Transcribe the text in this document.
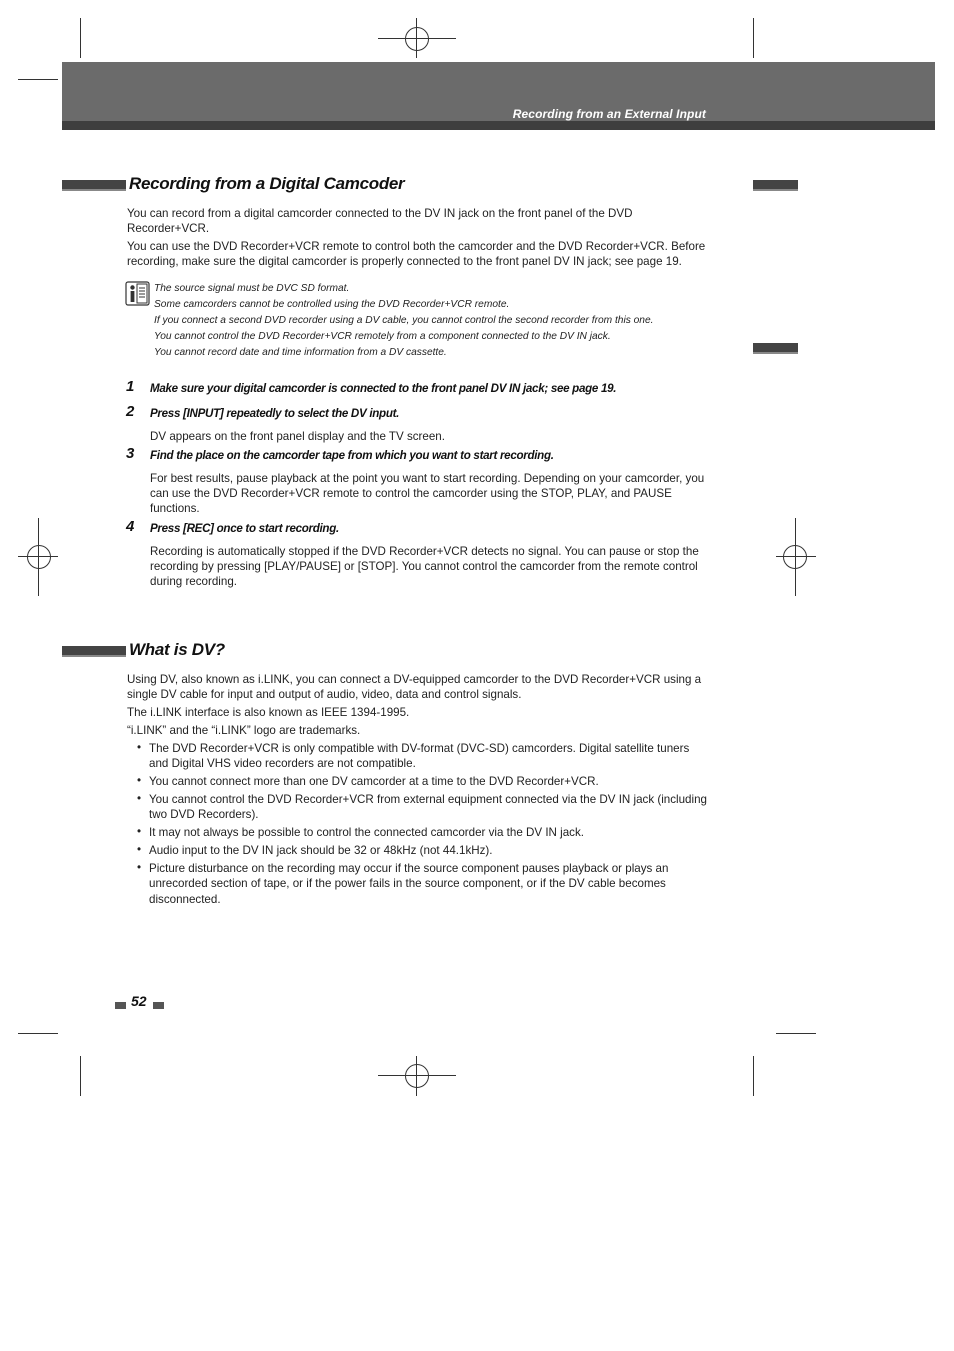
Recording from an External Input
Recording from a Digital Camcoder
You can record from a digital camcorder connected to the DV IN jack on the front panel of the DVD
Recorder+VCR.
You can use the DVD Recorder+VCR remote to control both the camcorder and the DVD Recorder+VCR. Before
recording, make sure the digital camcorder is properly connected to the front panel DV IN jack; see page 19.
The source signal must be DVC SD format.
Some camcorders cannot be controlled using the DVD Recorder+VCR remote.
If you connect a second DVD recorder using a DV cable, you cannot control the second recorder from this one.
You cannot control the DVD Recorder+VCR remotely from a component connected to the DV IN jack.
You cannot record date and time information from a DV cassette.
1 Make sure your digital camcorder is connected to the front panel DV IN jack; see page 19.
2 Press [INPUT] repeatedly to select the DV input.
DV appears on the front panel display and the TV screen.
3 Find the place on the camcorder tape from which you want to start recording.
For best results, pause playback at the point you want to start recording. Depending on your camcorder, you
can use the DVD Recorder+VCR remote to control the camcorder using the STOP, PLAY, and PAUSE
functions.
4 Press [REC] once to start recording.
Recording is automatically stopped if the DVD Recorder+VCR detects no signal. You can pause or stop the
recording by pressing [PLAY/PAUSE] or [STOP]. You cannot control the camcorder from the remote control
during recording.
What is DV?
Using DV, also known as i.LINK, you can connect a DV-equipped camcorder to the DVD Recorder+VCR using a
single DV cable for input and output of audio, video, data and control signals.
The i.LINK interface is also known as IEEE 1394-1995.
“i.LINK” and the “i.LINK” logo are trademarks.
• The DVD Recorder+VCR is only compatible with DV-format (DVC-SD) camcorders. Digital satellite tuners
and Digital VHS video recorders are not compatible.
• You cannot connect more than one DV camcorder at a time to the DVD Recorder+VCR.
• You cannot control the DVD Recorder+VCR from external equipment connected via the DV IN jack (including
two DVD Recorders).
• It may not always be possible to control the connected camcorder via the DV IN jack.
• Audio input to the DV IN jack should be 32 or 48kHz (not 44.1kHz).
• Picture disturbance on the recording may occur if the source component pauses playback or plays an
unrecorded section of tape, or if the power fails in the source component, or if the DV cable becomes
disconnected.
52
